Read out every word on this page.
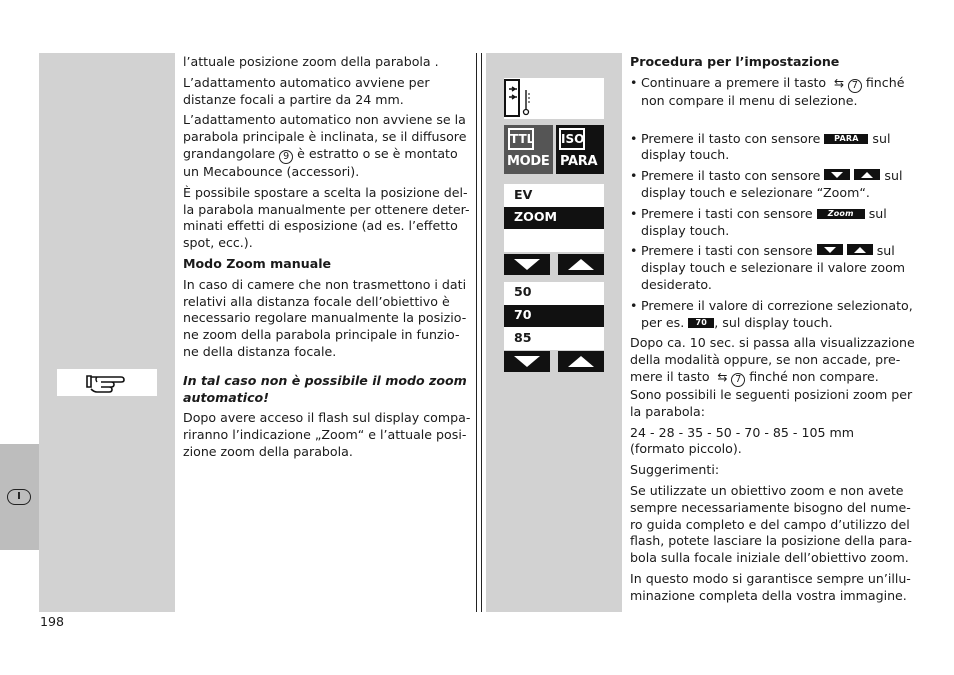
I

l’attuale posizione zoom della parabola .

L’adattamento automatico avviene per
distanze focali a partire da 24 mm.

L’adattamento automatico non avviene se la
parabola principale è inclinata, se il diffusore
grandangolare 9 è estratto o se è montato
un Mecabounce (accessori).

È possibile spostare a scelta la posizione del-
la parabola manualmente per ottenere deter-
minati effetti di esposizione (ad es. l’effetto
spot, ecc.).

Modo Zoom manuale

In caso di camere che non trasmettono i dati
relativi alla distanza focale dell’obiettivo è
necessario regolare manualmente la posizio-
ne zoom della parabola principale in funzio-
ne della distanza focale.

In tal caso non è possibile il modo zoom
automatico!

Dopo avere acceso il flash sul display compa-
riranno l’indicazione „Zoom“ e l’attuale posi-
zione zoom della parabola.

198
TTL
MODE
ISO
PARA
EV
ZOOM
50
70
85

Procedura per l’impostazione

• Continuare a premere il tasto  ⇆ 7 finché
non compare il menu di selezione.
• Premere il tasto con sensore PARA sul
display touch.
• Premere il tasto con sensore
	sul
display touch e selezionare “Zoom“.
• Premere i tasti con sensore Zoom sul
display touch.
• Premere i tasti con sensore
	sul
display touch e selezionare il valore zoom
desiderato.
• Premere il valore di correzione selezionato,
per es. 70 , sul display touch.

Dopo ca. 10 sec. si passa alla visualizzazione
della modalità oppure, se non accade, pre-
mere il tasto  ⇆ 7 finché non compare.
Sono possibili le seguenti posizioni zoom per
la parabola:

24 - 28 - 35 - 50 - 70 - 85 - 105 mm
(formato piccolo).

Suggerimenti:

Se utilizzate un obiettivo zoom e non avete
sempre necessariamente bisogno del nume-
ro guida completo e del campo d’utilizzo del
flash, potete lasciare la posizione della para-
bola sulla focale iniziale dell’obiettivo zoom.

In questo modo si garantisce sempre un’illu-
minazione completa della vostra immagine.
